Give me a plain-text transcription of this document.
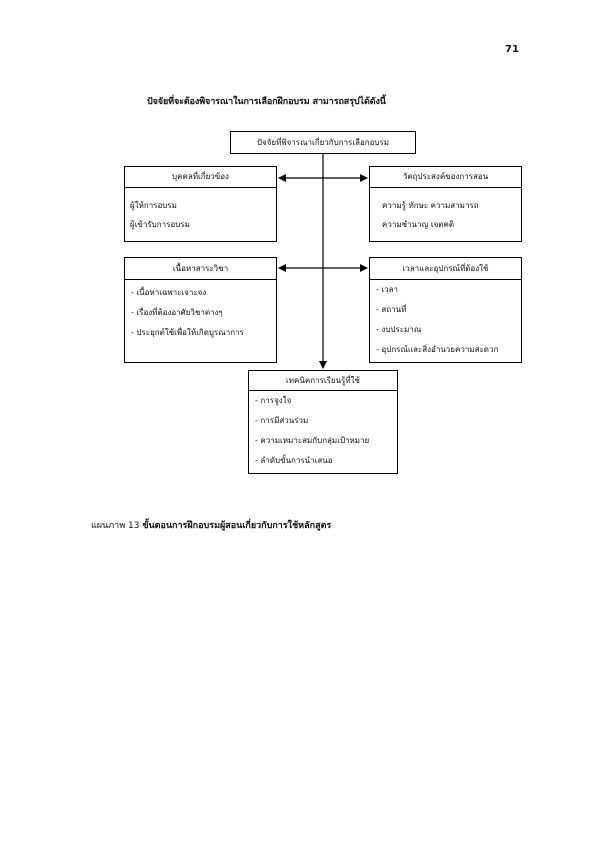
71
ปัจจัยที่จะต้องพิจารณาในการเลือกฝึกอบรม สามารถสรุปได้ดังนี้
ปัจจัยที่พิจารณาเกี่ยวกับการเลือกอบรม
บุคคลที่เกี่ยวข้อง
ผู้ให้การอบรม
ผู้เข้ารับการอบรม
วัตถุประสงค์ของการสอน
ความรู้ ทักษะ ความสามารถ
ความชำนาญ เจตคติ
เนื้อหาสาระวิชา
- เนื้อหาเฉพาะเจาะจง
- เรื่องที่ต้องอาศัยวิชาต่างๆ
- ประยุกต์ใช้เพื่อให้เกิดบูรณาการ
เวลาและอุปกรณ์ที่ต้องใช้
- เวลา
- สถานที่
- งบประมาณ
- อุปกรณ์และสิ่งอำนวยความสะดวก
เทคนิคการเรียนรู้ที่ใช้
- การจูงใจ
- การมีส่วนร่วม
- ความเหมาะสมกับกลุ่มเป้าหมาย
- ลำดับขั้นการนำเสนอ
แผนภาพ 13 ขั้นตอนการฝึกอบรมผู้สอนเกี่ยวกับการใช้หลักสูตร
